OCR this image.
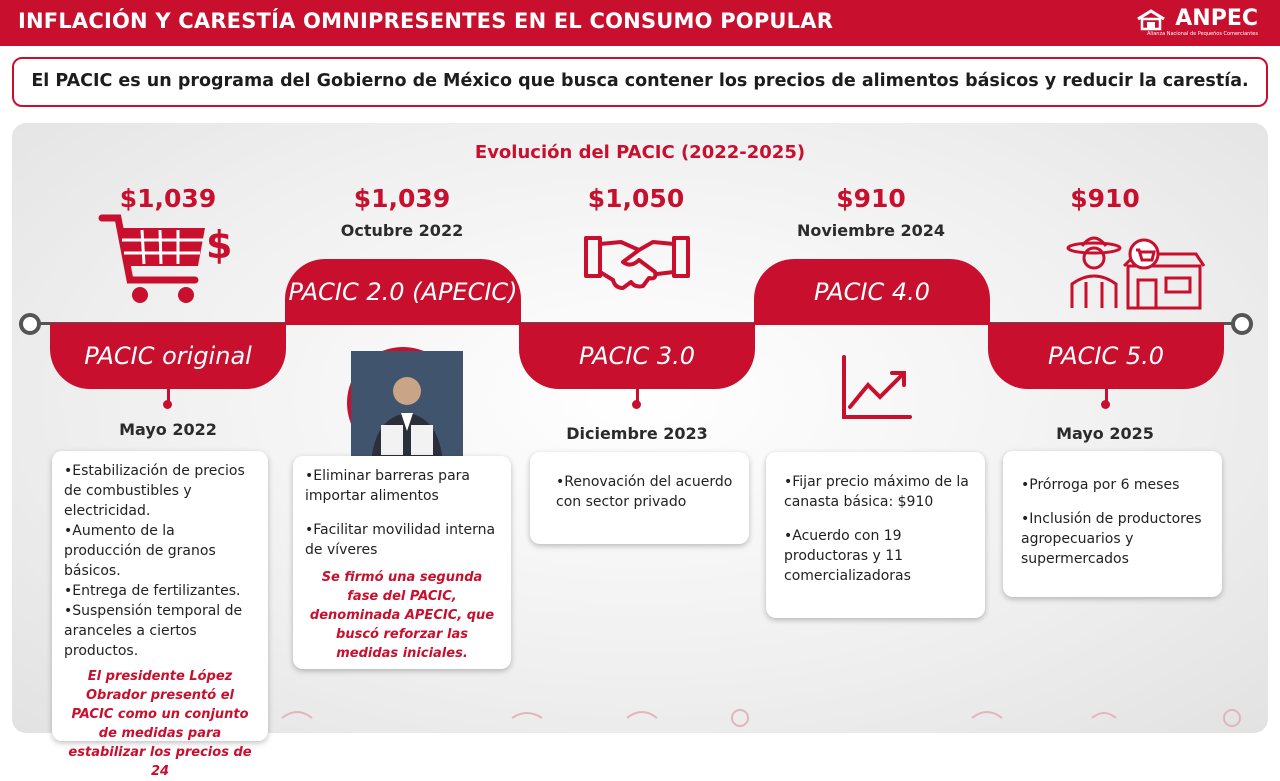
INFLACIÓN Y CARESTÍA OMNIPRESENTES EN EL CONSUMO POPULAR	ANPEC
Alianza Nacional de Pequeños Comerciantes
El PACIC es un programa del Gobierno de México que busca contener los precios de alimentos básicos y reducir la carestía.
Evolución del PACIC (2022-2025)
$1,039	$1,039	$1,050	$910	$910
Octubre 2022	Noviembre 2024
$
PACIC original
PACIC 2.0 (APECIC)
PACIC 3.0
PACIC 4.0
PACIC 5.0
Mayo 2022	Diciembre 2023	Mayo 2025

•Estabilización de precios de combustibles y electricidad.

•Aumento de la producción de granos básicos.

•Entrega de fertilizantes.

•Suspensión temporal de aranceles a ciertos productos.

El presidente López Obrador presentó el PACIC como un conjunto de medidas para estabilizar los precios de 24

•Eliminar barreras para importar alimentos

•Facilitar movilidad interna de víveres

Se firmó una segunda fase del PACIC, denominada APECIC, que buscó reforzar las medidas iniciales.

•Renovación del acuerdo con sector privado

•Fijar precio máximo de la canasta básica: $910

•Acuerdo con 19 productoras y 11 comercializadoras

•Prórroga por 6 meses

•Inclusión de productores agropecuarios y supermercados
